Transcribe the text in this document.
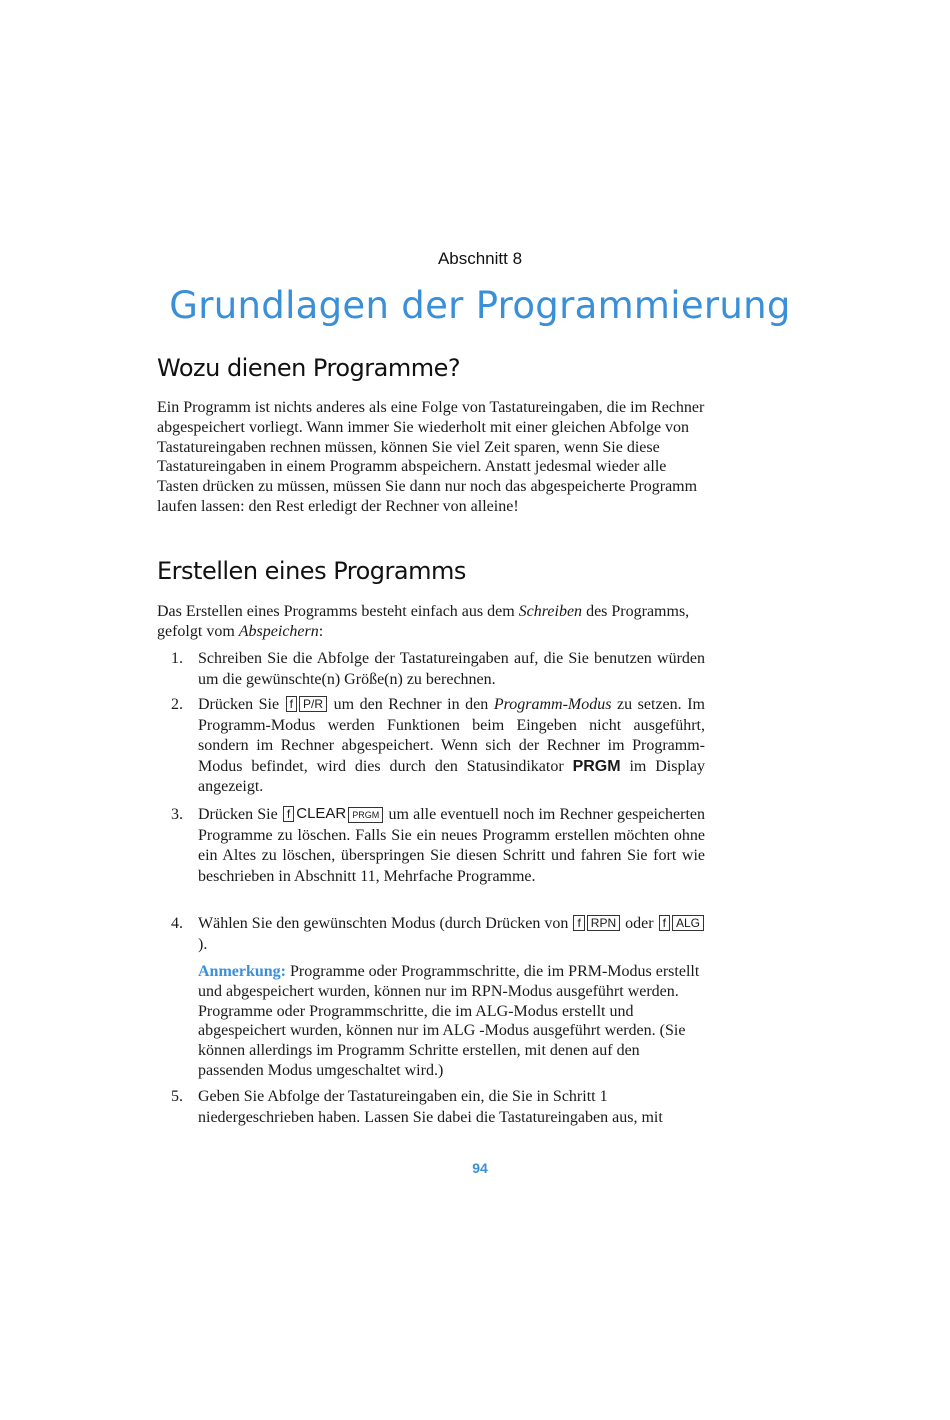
Abschnitt 8
Grundlagen der Programmierung
Wozu dienen Programme?
Ein Programm ist nichts anderes als eine Folge von Tastatureingaben, die im Rechner abgespeichert vorliegt. Wann immer Sie wiederholt mit einer gleichen Abfolge von Tastatureingaben rechnen müssen, können Sie viel Zeit sparen, wenn Sie diese Tastatureingaben in einem Programm abspeichern. Anstatt jedesmal wieder alle Tasten drücken zu müssen, müssen Sie dann nur noch das abgespeicherte Programm laufen lassen: den Rest erledigt der Rechner von alleine!
Erstellen eines Programms
Das Erstellen eines Programms besteht einfach aus dem Schreiben des Programms, gefolgt vom Abspeichern:
1. Schreiben Sie die Abfolge der Tastatureingaben auf, die Sie benutzen würden um die gewünschte(n) Größe(n) zu berechnen.
2. Drücken Sie f P/R um den Rechner in den Programm-Modus zu setzen. Im Programm-Modus werden Funktionen beim Eingeben nicht ausgeführt, sondern im Rechner abgespeichert. Wenn sich der Rechner im Programm-Modus befindet, wird dies durch den Statusindikator PRGM im Display angezeigt.
3. Drücken Sie f CLEAR PRGM um alle eventuell noch im Rechner gespeicherten Programme zu löschen. Falls Sie ein neues Programm erstellen möchten ohne ein Altes zu löschen, überspringen Sie diesen Schritt und fahren Sie fort wie beschrieben in Abschnitt 11, Mehrfache Programme.
4. Wählen Sie den gewünschten Modus (durch Drücken von f RPN oder f ALG).
Anmerkung: Programme oder Programmschritte, die im PRM-Modus erstellt und abgespeichert wurden, können nur im RPN-Modus ausgeführt werden. Programme oder Programmschritte, die im ALG-Modus erstellt und abgespeichert wurden, können nur im ALG -Modus ausgeführt werden. (Sie können allerdings im Programm Schritte erstellen, mit denen auf den passenden Modus umgeschaltet wird.)
5. Geben Sie Abfolge der Tastatureingaben ein, die Sie in Schritt 1 niedergeschrieben haben. Lassen Sie dabei die Tastatureingaben aus, mit
94
